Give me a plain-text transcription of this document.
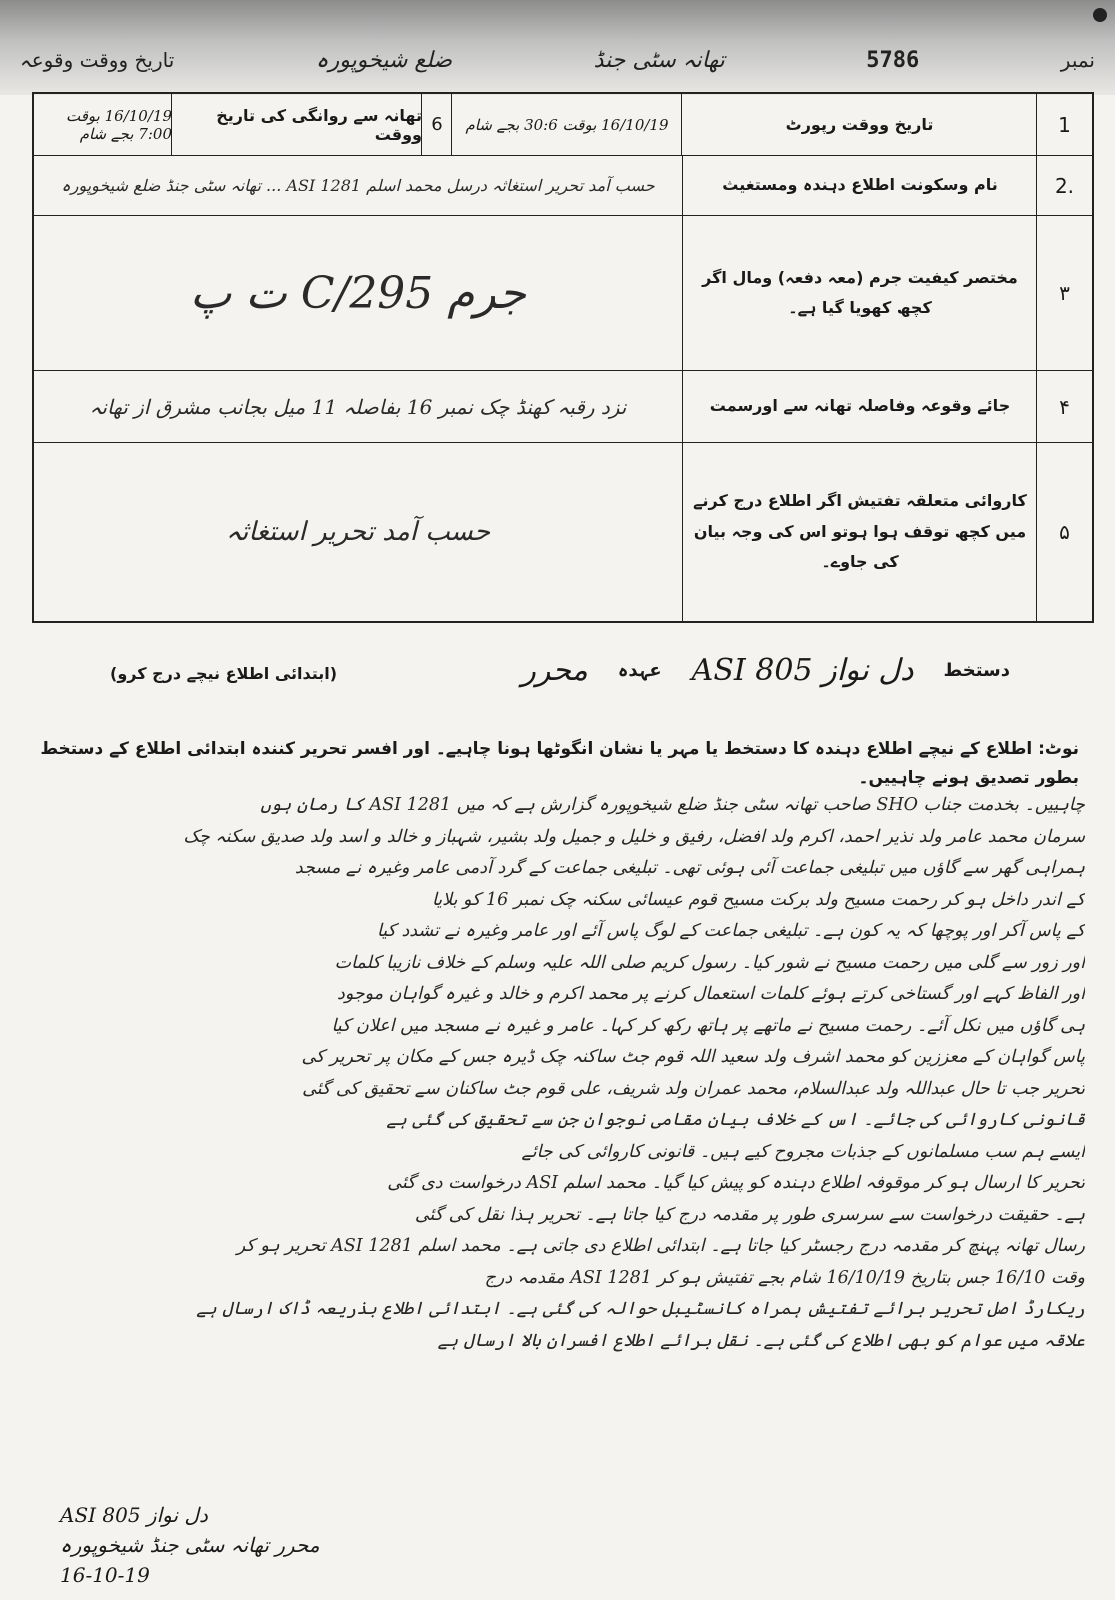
نمبر
5786
تھانہ سٹی جنڈ
ضلع شیخوپورہ
تاریخ ووقت وقوعہ
1
تاریخ ووقت رپورٹ
16/10/19 بوقت 30:6 بجے شام
6
تھانہ سے روانگی کی تاریخ ووقت
16/10/19 بوقت 7:00 بجے شام
2.
نام وسکونت اطلاع دہندہ ومستغیث
حسب آمد تحریر استغاثہ درسل محمد اسلم ASI 1281 ... تھانہ سٹی جنڈ ضلع شیخوپورہ
۳
مختصر کیفیت جرم (معہ دفعہ) ومال اگر کچھ کھویا گیا ہے۔
جرم 295/C ت پ
۴
جائے وقوعہ وفاصلہ تھانہ سے اورسمت
نزد رقبہ کھنڈ چک نمبر 16 بفاصلہ 11 میل بجانب مشرق از تھانہ
۵
کاروائی متعلقہ تفتیش اگر اطلاع درج کرنے میں کچھ توقف ہوا ہوتو اس کی وجہ بیان کی جاوے۔
حسب آمد تحریر استغاثہ
دستخط
دل نواز ASI 805
عہدہ
محرر
(ابتدائی اطلاع نیچے درج کرو)
نوٹ: اطلاع کے نیچے اطلاع دہندہ کا دستخط یا مہر یا نشان انگوٹھا ہونا چاہیے۔ اور افسر تحریر کنندہ ابتدائی اطلاع کے دستخط بطور تصدیق ہونے چاہییں۔

چاہییں۔ بخدمت جناب SHO صاحب تھانہ سٹی جنڈ ضلع شیخوپورہ گزارش ہے کہ میں ASI 1281 کا رمان ہوں

سرمان محمد عامر ولد نذیر احمد، اکرم ولد افضل، رفیق و خلیل و جمیل ولد بشیر، شہباز و خالد و اسد ولد صدیق سکنہ چک

ہمراہی گھر سے گاؤں میں تبلیغی جماعت آئی ہوئی تھی۔ تبلیغی جماعت کے گرد آدمی عامر وغیرہ نے مسجد

کے اندر داخل ہو کر رحمت مسیح ولد برکت مسیح قوم عیسائی سکنہ چک نمبر 16 کو بلایا

کے پاس آکر اور پوچھا کہ یہ کون ہے۔ تبلیغی جماعت کے لوگ پاس آئے اور عامر وغیرہ نے تشدد کیا

اور زور سے گلی میں رحمت مسیح نے شور کیا۔ رسول کریم صلی اللہ علیہ وسلم کے خلاف نازیبا کلمات

اور الفاظ کہے اور گستاخی کرتے ہوئے کلمات استعمال کرنے پر محمد اکرم و خالد و غیرہ گواہان موجود

ہی گاؤں میں نکل آئے۔ رحمت مسیح نے ماتھے پر ہاتھ رکھ کر کہا۔ عامر و غیرہ نے مسجد میں اعلان کیا

پاس گواہان کے معززین کو محمد اشرف ولد سعید اللہ قوم جٹ ساکنہ چک ڈیرہ جس کے مکان پر تحریر کی

تحریر جب تا حال عبداللہ ولد عبدالسلام، محمد عمران ولد شریف، علی قوم جٹ ساکنان سے تحقیق کی گئی

قانونی کاروائی کی جائے۔ اس کے خلاف بیان مقامی نوجوان جن سے تحقیق کی گئی ہے

ایسے ہم سب مسلمانوں کے جذبات مجروح کیے ہیں۔ قانونی کاروائی کی جائے

تحریر کا ارسال ہو کر موقوفہ اطلاع دہندہ کو پیش کیا گیا۔ محمد اسلم ASI درخواست دی گئی

ہے۔ حقیقت درخواست سے سرسری طور پر مقدمہ درج کیا جاتا ہے۔ تحریر ہذا نقل کی گئی

رسال تھانہ پہنچ کر مقدمہ درج رجسٹر کیا جاتا ہے۔ ابتدائی اطلاع دی جاتی ہے۔ محمد اسلم ASI 1281 تحریر ہو کر

وقت 16/10 جس بتاریخ 16/10/19 شام بجے تفتیش ہو کر ASI 1281 مقدمہ درج

ریکارڈ اصل تحریر برائے تفتیش ہمراہ کانسٹیبل حوالہ کی گئی ہے۔ ابتدائی اطلاع بذریعہ ڈاک ارسال ہے

علاقہ میں عوام کو بھی اطلاع کی گئی ہے۔ نقل برائے اطلاع افسران بالا ارسال ہے

دل نواز ASI 805
محرر تھانہ سٹی جنڈ شیخوپورہ
16-10-19
